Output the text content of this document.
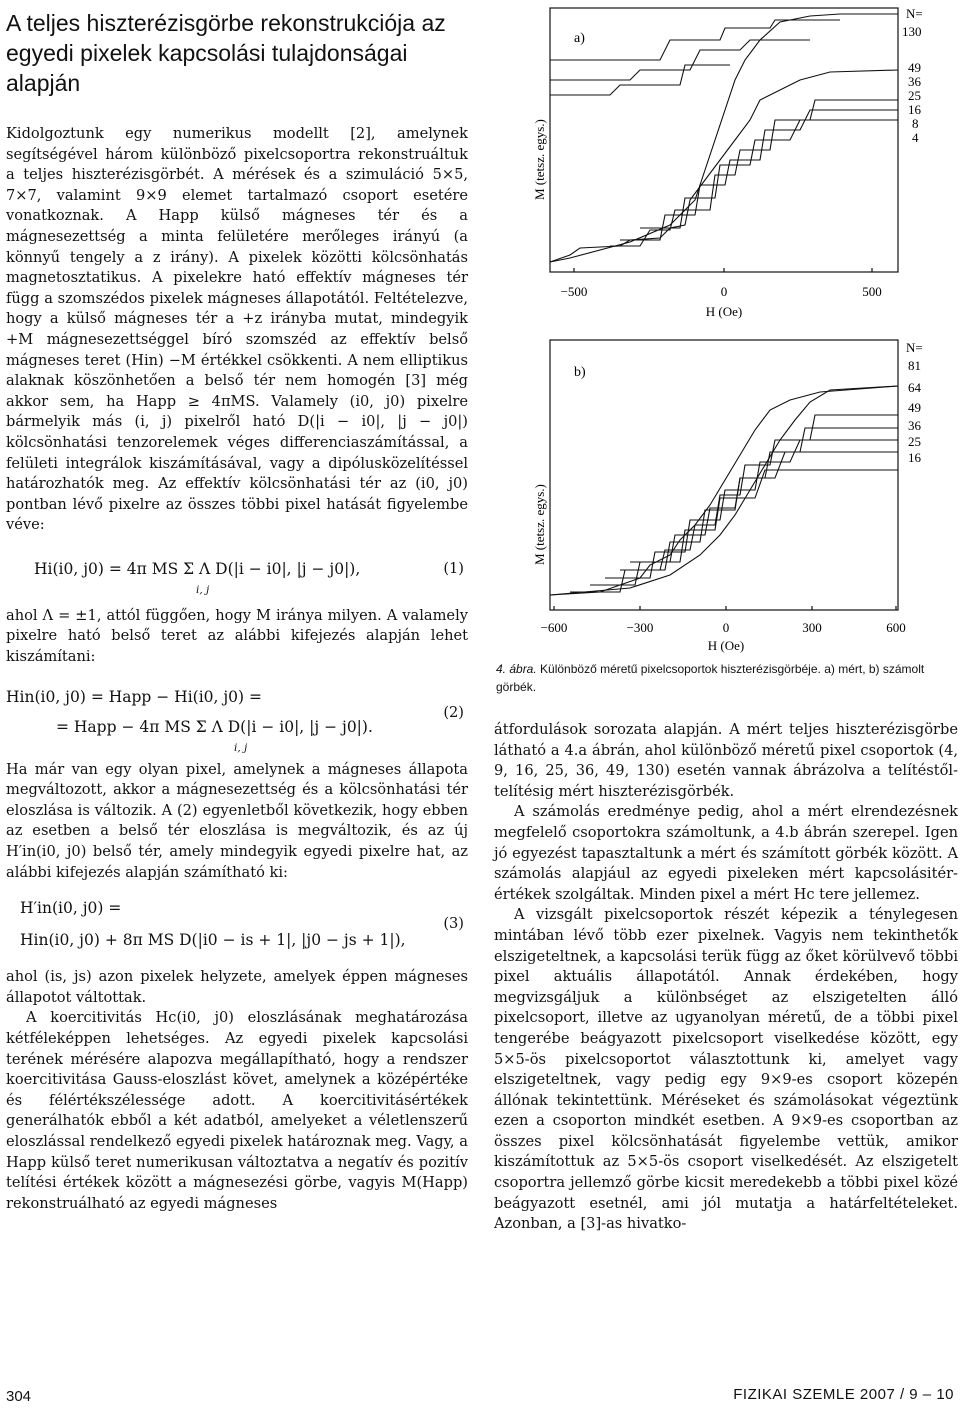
A teljes hiszterézisgörbe rekonstrukciója az egyedi pixelek kapcsolási tulajdonságai alapján

Kidolgoztunk egy numerikus modellt [2], amelynek segítségével három különböző pixelcsoportra rekonstruáltuk a teljes hiszterézisgörbét. A mérések és a szimuláció 5×5, 7×7, valamint 9×9 elemet tartalmazó csoport esetére vonatkoznak. A Happ külső mágneses tér és a mágnesezettség a minta felületére merőleges irányú (a könnyű tengely a z irány). A pixelek közötti kölcsönhatás magnetosztatikus. A pixelekre ható effektív mágneses tér függ a szomszédos pixelek mágneses állapotától. Feltételezve, hogy a külső mágneses tér a +z irányba mutat, mindegyik +M mágnesezettséggel bíró szomszéd az effektív belső mágneses teret (Hin) −M értékkel csökkenti. A nem elliptikus alaknak köszönhetően a belső tér nem homogén [3] még akkor sem, ha Happ ≥ 4πMS. Valamely (i0, j0) pixelre bármelyik más (i, j) pixelről ható D(|i − i0|, |j − j0|) kölcsönhatási tenzorelemek véges differenciaszámítással, a felületi integrálok kiszámításával, vagy a dipólusközelítéssel határozhatók meg. Az effektív kölcsönhatási tér az (i0, j0) pontban lévő pixelre az összes többi pixel hatását figyelembe véve:

Hi(i0, j0) = 4π MS Σ Λ D(|i − i0|, |j − j0|),
i, j
(1)

ahol Λ = ±1, attól függően, hogy M iránya milyen. A valamely pixelre ható belső teret az alábbi kifejezés alapján lehet kiszámítani:

Hin(i0, j0) = Happ − Hi(i0, j0) =
= Happ − 4π MS Σ Λ D(|i − i0|, |j − j0|).
i, j
(2)

Ha már van egy olyan pixel, amelynek a mágneses állapota megváltozott, akkor a mágnesezettség és a kölcsönhatási tér eloszlása is változik. A (2) egyenletből következik, hogy ebben az esetben a belső tér eloszlása is megváltozik, és az új H′in(i0, j0) belső tér, amely mindegyik egyedi pixelre hat, az alábbi kifejezés alapján számítható ki:

H′in(i0, j0) =
Hin(i0, j0) + 8π MS D(|i0 − is + 1|, |j0 − js + 1|),
(3)

ahol (is, js) azon pixelek helyzete, amelyek éppen mágneses állapotot váltottak.

A koercitivitás Hc(i0, j0) eloszlásának meghatározása kétféleképpen lehetséges. Az egyedi pixelek kapcsolási terének mérésére alapozva megállapítható, hogy a rendszer koercitivitása Gauss-eloszlást követ, amelynek a középértéke és félértékszélessége adott. A koercitivitásértékek generálhatók ebből a két adatból, amelyeket a véletlenszerű eloszlással rendelkező egyedi pixelek határoznak meg. Vagy, a Happ külső teret numerikusan változtatva a negatív és pozitív telítési értékek között a mágnesezési görbe, vagyis M(Happ) rekonstruálható az egyedi mágneses

a)
M (tetsz. egys.)
−500	0	500
H (Oe)
N=
130
49
36
25
16
8
4
b)
M (tetsz. egys.)
−600	−300	0	300	600
H (Oe)
N=
81
64
49
36
25
16
4. ábra. Különböző méretű pixelcsoportok hiszterézisgörbéje. a) mért, b) számolt görbék.

átfordulások sorozata alapján. A mért teljes hiszterézisgörbe látható a 4.a ábrán, ahol különböző méretű pixel csoportok (4, 9, 16, 25, 36, 49, 130) esetén vannak ábrázolva a telítéstől-telítésig mért hiszterézisgörbék.

A számolás eredménye pedig, ahol a mért elrendezésnek megfelelő csoportokra számoltunk, a 4.b ábrán szerepel. Igen jó egyezést tapasztaltunk a mért és számított görbék között. A számolás alapjául az egyedi pixeleken mért kapcsolásitér-értékek szolgáltak. Minden pixel a mért Hc tere jellemez.

A vizsgált pixelcsoportok részét képezik a ténylegesen mintában lévő több ezer pixelnek. Vagyis nem tekinthetők elszigeteltnek, a kapcsolási terük függ az őket körülvevő többi pixel aktuális állapotától. Annak érdekében, hogy megvizsgáljuk a különbséget az elszigetelten álló pixelcsoport, illetve az ugyanolyan méretű, de a többi pixel tengerébe beágyazott pixelcsoport viselkedése között, egy 5×5-ös pixelcsoportot választottunk ki, amelyet vagy elszigeteltnek, vagy pedig egy 9×9-es csoport közepén állónak tekintettünk. Méréseket és számolásokat végeztünk ezen a csoporton mindkét esetben. A 9×9-es csoportban az összes pixel kölcsönhatását figyelembe vettük, amikor kiszámítottuk az 5×5-ös csoport viselkedését. Az elszigetelt csoportra jellemző görbe kicsit meredekebb a többi pixel közé beágyazott esetnél, ami jól mutatja a határfeltételeket. Azonban, a [3]-as hivatko-

304	FIZIKAI SZEMLE 2007 / 9 – 10
